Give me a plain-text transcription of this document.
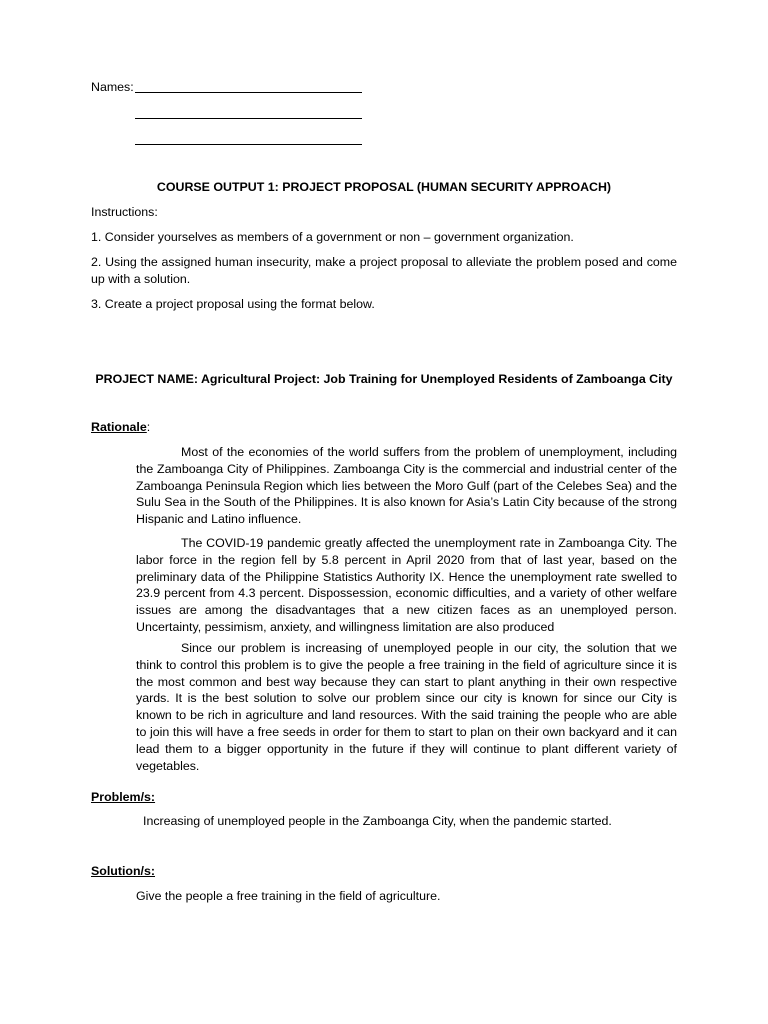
Names:
COURSE OUTPUT 1: PROJECT PROPOSAL (HUMAN SECURITY APPROACH)
Instructions:
1. Consider yourselves as members of a government or non – government organization.
2. Using the assigned human insecurity, make a project proposal to alleviate the problem posed and come up with a solution.
3. Create a project proposal using the format below.
PROJECT NAME: Agricultural Project: Job Training for Unemployed Residents of Zamboanga City
Rationale:
Most of the economies of the world suffers from the problem of unemployment, including the Zamboanga City of Philippines. Zamboanga City is the commercial and industrial center of the Zamboanga Peninsula Region which lies between the Moro Gulf (part of the Celebes Sea) and the Sulu Sea in the South of the Philippines. It is also known for Asia’s Latin City because of the strong Hispanic and Latino influence.
The COVID-19 pandemic greatly affected the unemployment rate in Zamboanga City. The labor force in the region fell by 5.8 percent in April 2020 from that of last year, based on the preliminary data of the Philippine Statistics Authority IX. Hence the unemployment rate swelled to 23.9 percent from 4.3 percent. Dispossession, economic difficulties, and a variety of other welfare issues are among the disadvantages that a new citizen faces as an unemployed person. Uncertainty, pessimism, anxiety, and willingness limitation are also produced
Since our problem is increasing of unemployed people in our city, the solution that we think to control this problem is to give the people a free training in the field of agriculture since it is the most common and best way because they can start to plant anything in their own respective yards. It is the best solution to solve our problem since our city is known for since our City is known to be rich in agriculture and land resources. With the said training the people who are able to join this will have a free seeds in order for them to start to plan on their own backyard and it can lead them to a bigger opportunity in the future if they will continue to plant different variety of vegetables.
Problem/s:
Increasing of unemployed people in the Zamboanga City, when the pandemic started.
Solution/s:
Give the people a free training in the field of agriculture.
